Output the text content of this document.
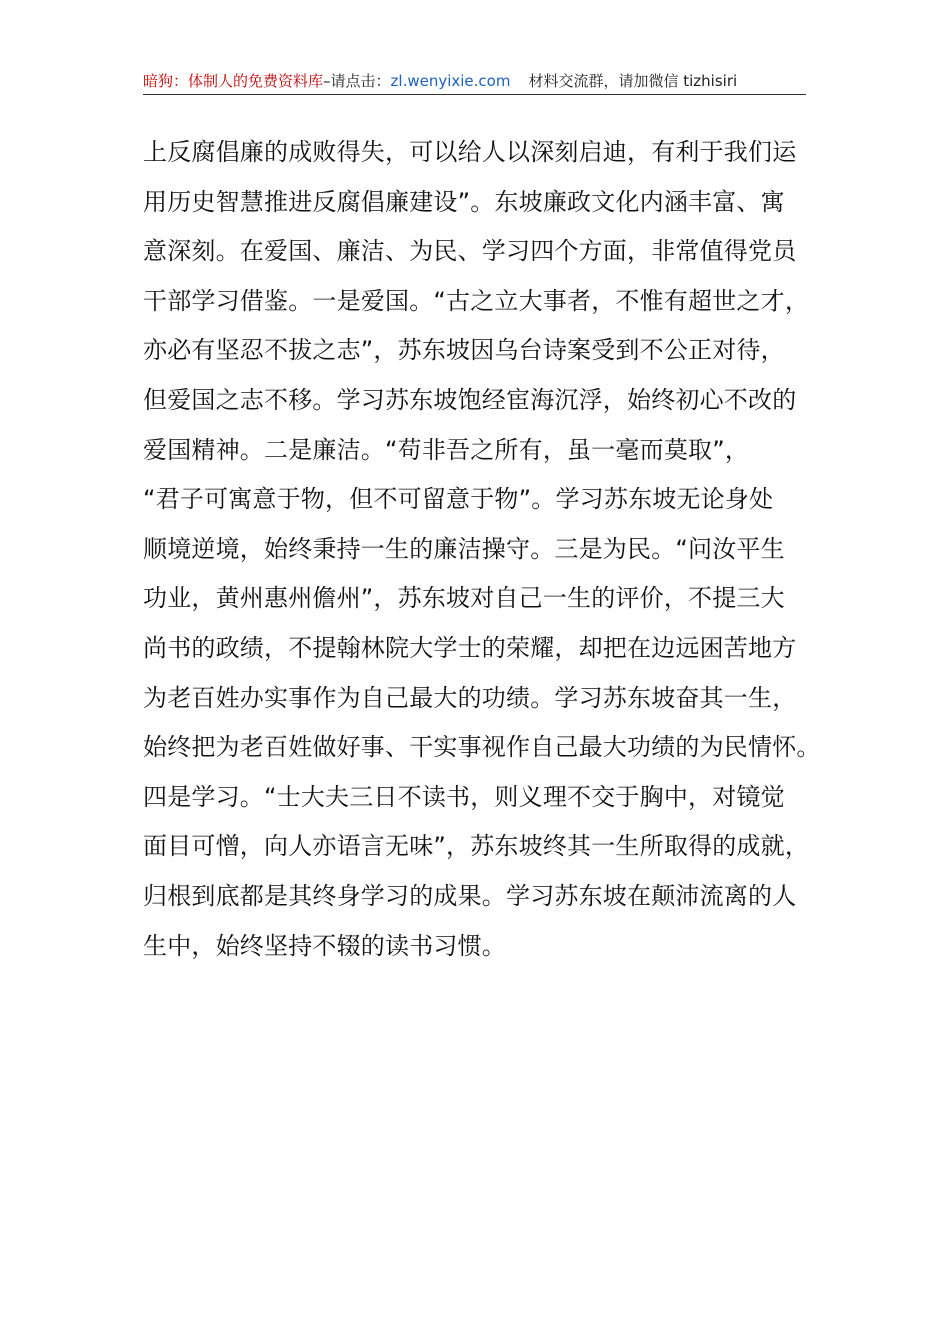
暗狗：体制人的免费资料库–请点击：zl.wenyixie.com 材料交流群，请加微信 tizhisiri
上反腐倡廉的成败得失，可以给人以深刻启迪，有利于我们运
用历史智慧推进反腐倡廉建设”。东坡廉政文化内涵丰富、寓
意深刻。在爱国、廉洁、为民、学习四个方面，非常值得党员
干部学习借鉴。一是爱国。“古之立大事者，不惟有超世之才，
亦必有坚忍不拔之志”，苏东坡因乌台诗案受到不公正对待，
但爱国之志不移。学习苏东坡饱经宦海沉浮，始终初心不改的
爱国精神。二是廉洁。“苟非吾之所有，虽一毫而莫取”，
“君子可寓意于物，但不可留意于物”。学习苏东坡无论身处
顺境逆境，始终秉持一生的廉洁操守。三是为民。“问汝平生
功业，黄州惠州儋州”，苏东坡对自己一生的评价，不提三大
尚书的政绩，不提翰林院大学士的荣耀，却把在边远困苦地方
为老百姓办实事作为自己最大的功绩。学习苏东坡奋其一生，
始终把为老百姓做好事、干实事视作自己最大功绩的为民情怀。
四是学习。“士大夫三日不读书，则义理不交于胸中，对镜觉
面目可憎，向人亦语言无味”，苏东坡终其一生所取得的成就，
归根到底都是其终身学习的成果。学习苏东坡在颠沛流离的人
生中，始终坚持不辍的读书习惯。
